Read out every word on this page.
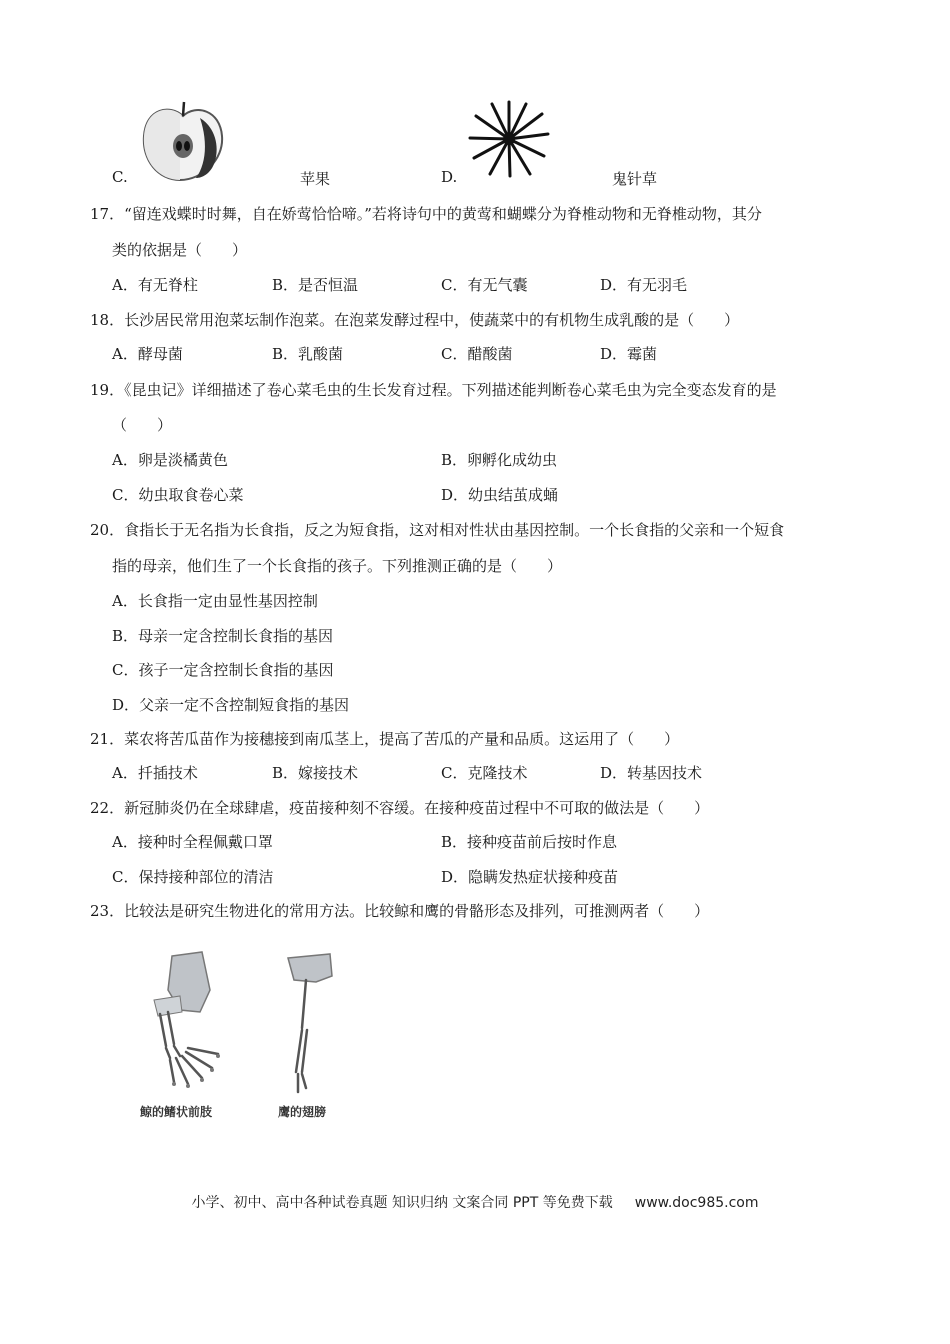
C.	苹果	D.	鬼针草
17．“留连戏蝶时时舞，自在娇莺恰恰啼。”若将诗句中的黄莺和蝴蝶分为脊椎动物和无脊椎动物，其分
类的依据是（　　）
A．有无脊柱	B．是否恒温	C．有无气囊	D．有无羽毛
18．长沙居民常用泡菜坛制作泡菜。在泡菜发酵过程中，使蔬菜中的有机物生成乳酸的是（　　）
A．酵母菌	B．乳酸菌	C．醋酸菌	D．霉菌
19．《昆虫记》详细描述了卷心菜毛虫的生长发育过程。下列描述能判断卷心菜毛虫为完全变态发育的是
（　　）
A．卵是淡橘黄色	B．卵孵化成幼虫
C．幼虫取食卷心菜	D．幼虫结茧成蛹
20．食指长于无名指为长食指，反之为短食指，这对相对性状由基因控制。一个长食指的父亲和一个短食
指的母亲，他们生了一个长食指的孩子。下列推测正确的是（　　）
A．长食指一定由显性基因控制
B．母亲一定含控制长食指的基因
C．孩子一定含控制长食指的基因
D．父亲一定不含控制短食指的基因
21．菜农将苦瓜苗作为接穗接到南瓜茎上，提高了苦瓜的产量和品质。这运用了（　　）
A．扦插技术	B．嫁接技术	C．克隆技术	D．转基因技术
22．新冠肺炎仍在全球肆虐，疫苗接种刻不容缓。在接种疫苗过程中不可取的做法是（　　）
A．接种时全程佩戴口罩	B．接种疫苗前后按时作息
C．保持接种部位的清洁	D．隐瞒发热症状接种疫苗
23．比较法是研究生物进化的常用方法。比较鲸和鹰的骨骼形态及排列，可推测两者（　　）
鲸的鳍状前肢	鹰的翅膀
小学、初中、高中各种试卷真题 知识归纳 文案合同 PPT 等免费下载 www.doc985.com
